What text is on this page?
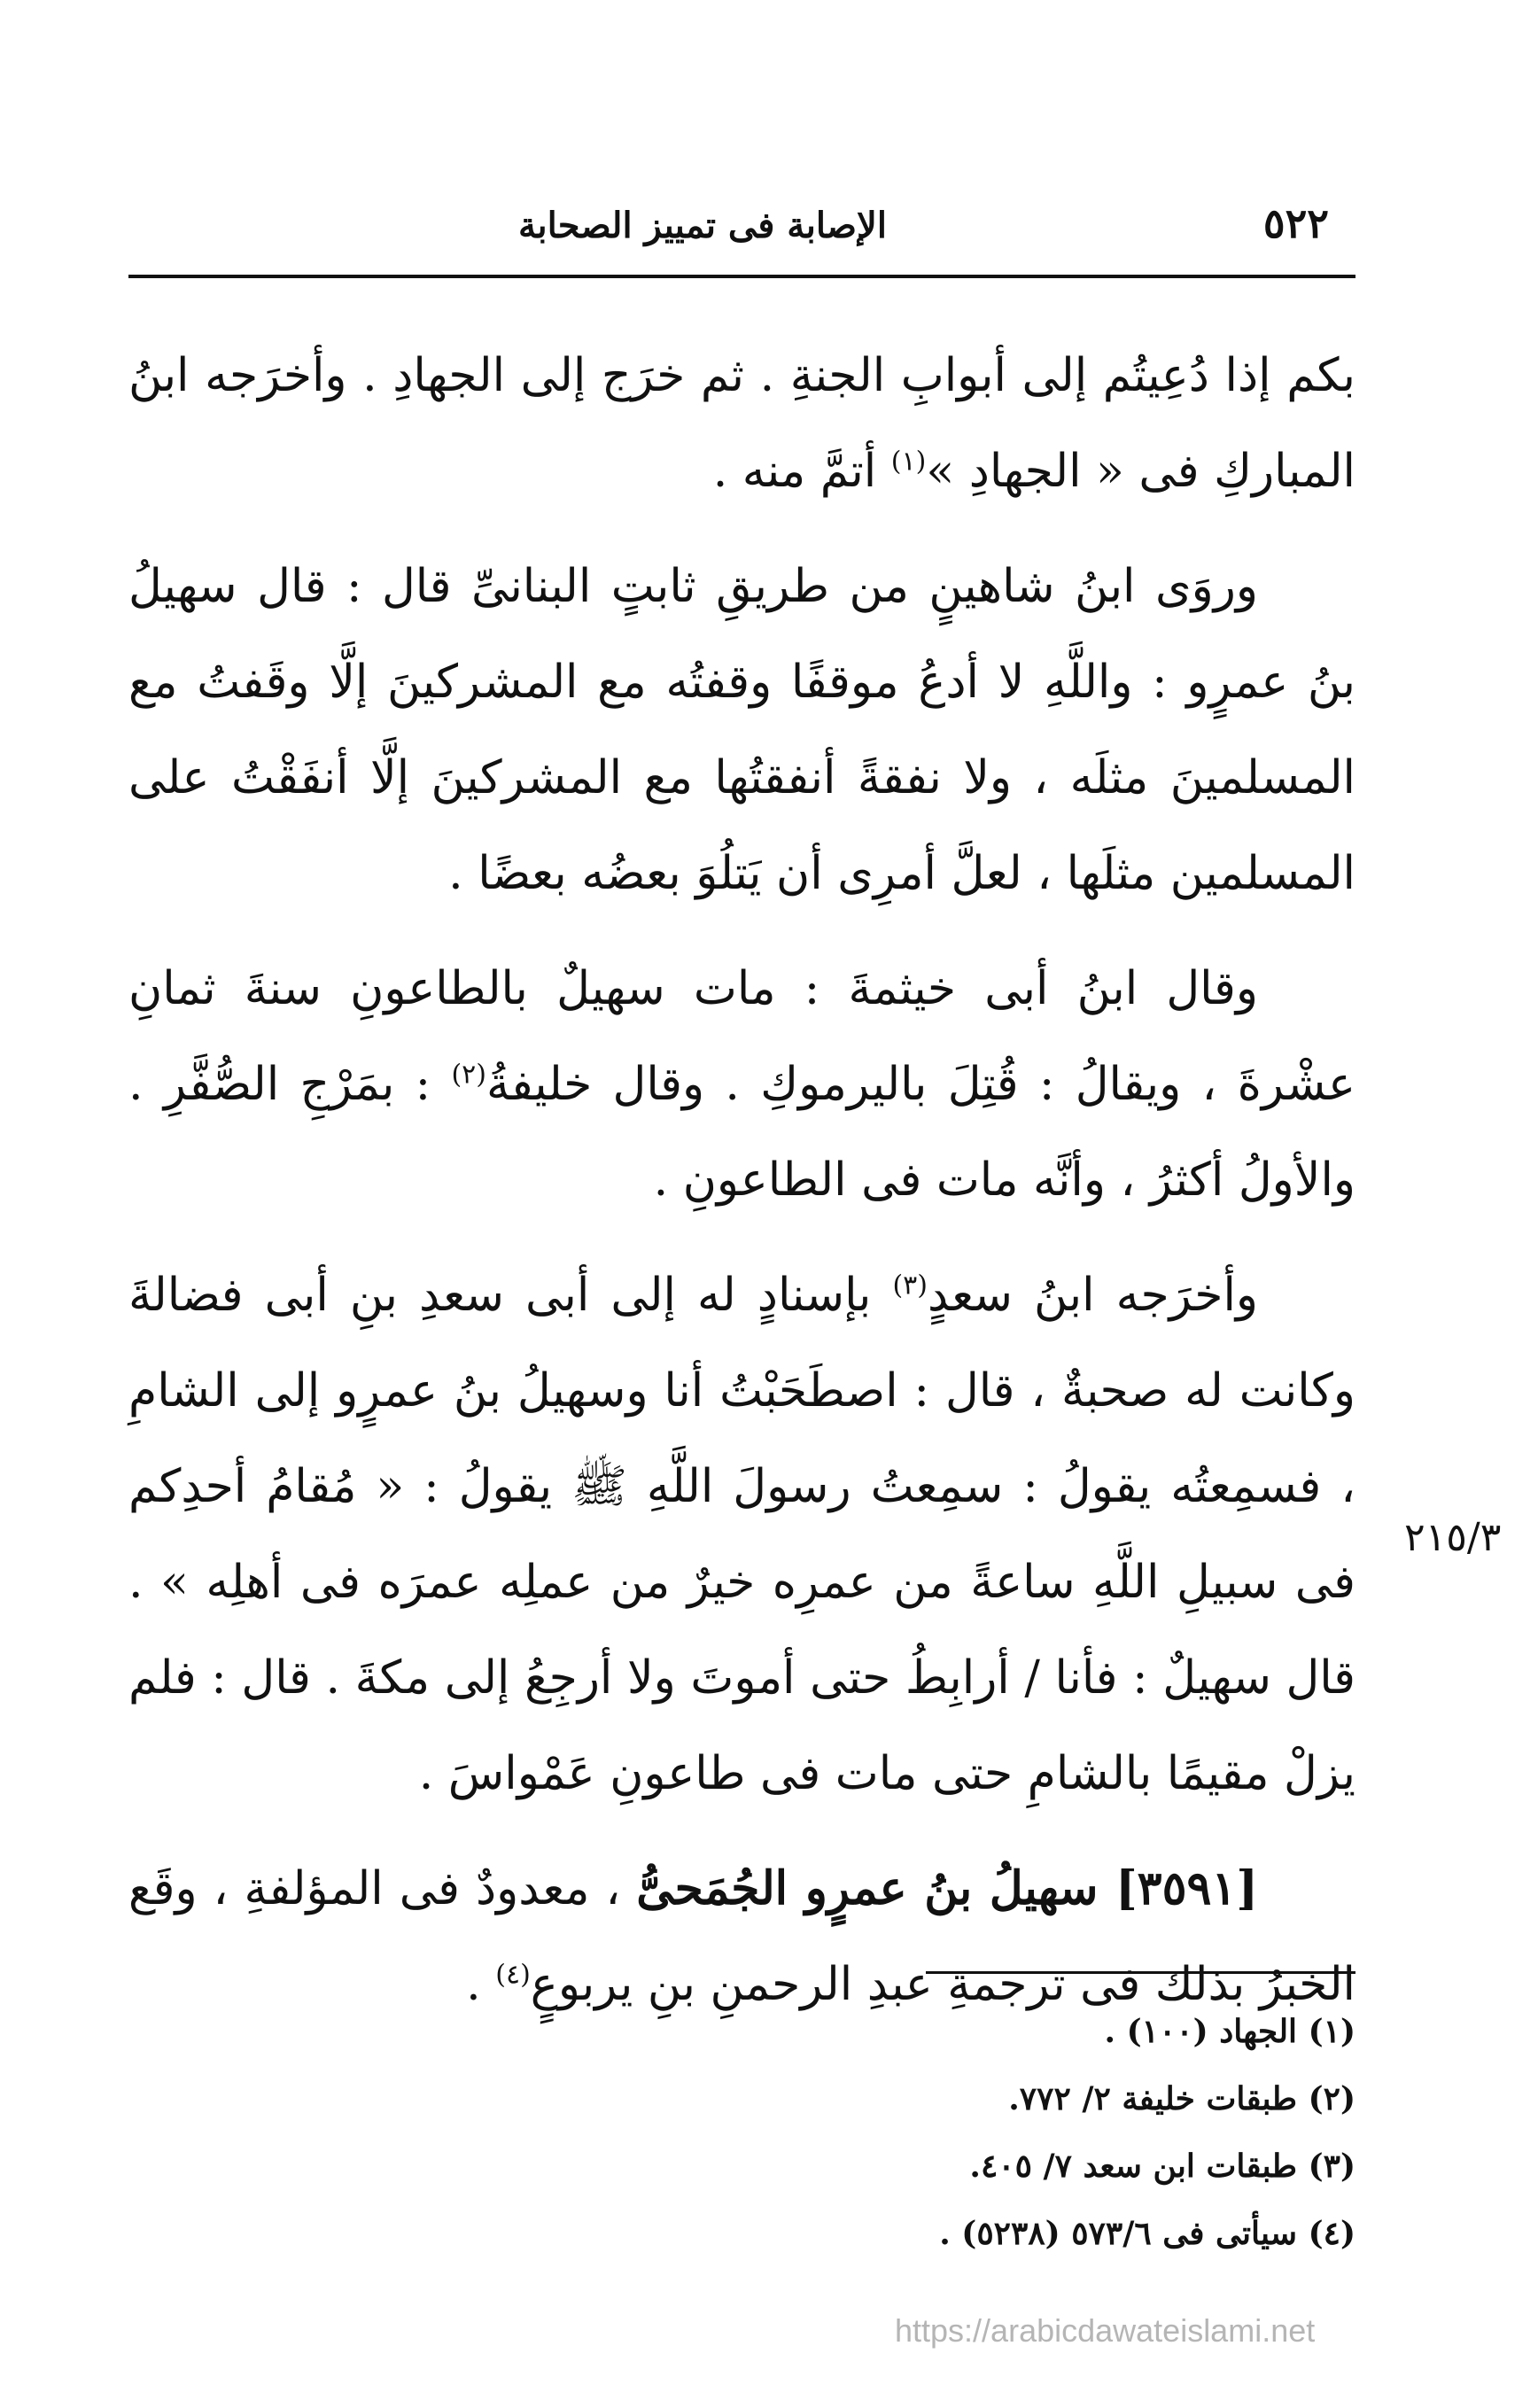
٥٢٢
الإصابة فى تمييز الصحابة

بكم إذا دُعِيتُم إلى أبوابِ الجنةِ . ثم خرَج إلى الجهادِ . وأخرَجه ابنُ المباركِ فى « الجهادِ »$^{(١)}$ أتمَّ منه .

وروَى ابنُ شاهينٍ من طريقِ ثابتٍ البنانىِّ قال : قال سهيلُ بنُ عمرٍو : واللَّهِ لا أدعُ موقفًا وقفتُه مع المشركينَ إلَّا وقَفتُ مع المسلمينَ مثلَه ، ولا نفقةً أنفقتُها مع المشركينَ إلَّا أنفَقْتُ على المسلمين مثلَها ، لعلَّ أمرِى أن يَتلُوَ بعضُه بعضًا .

وقال ابنُ أبى خيثمةَ : مات سهيلٌ بالطاعونِ سنةَ ثمانِ عشْرةَ ، ويقالُ : قُتِلَ باليرموكِ . وقال خليفةُ$^{(٢)}$ : بمَرْجِ الصُّفَّرِ . والأولُ أكثرُ ، وأنَّه مات فى الطاعونِ .

وأخرَجه ابنُ سعدٍ$^{(٣)}$ بإسنادٍ له إلى أبى سعدِ بنِ أبى فضالةَ وكانت له صحبةٌ ، قال : اصطَحَبْتُ أنا وسهيلُ بنُ عمرٍو إلى الشامِ ، فسمِعتُه يقولُ : سمِعتُ رسولَ اللَّهِ ﷺ يقولُ : « مُقامُ أحدِكم فى سبيلِ اللَّهِ ساعةً من عمرِه خيرٌ من عملِه عمرَه فى أهلِه » . قال سهيلٌ : فأنا / أرابِطُ حتى أموتَ ولا أرجِعُ إلى مكةَ . قال : فلم يزلْ مقيمًا بالشامِ حتى مات فى طاعونِ عَمْواسَ .

[٣٥٩١] سهيلُ بنُ عمرٍو الجُمَحىُّ ، معدودٌ فى المؤلفةِ ، وقَع الخبرُ بذلك فى ترجمةِ عبدِ الرحمنِ بنِ يربوعٍ$^{(٤)}$ .

٢١٥/٣

(١) الجهاد (١٠٠) .

(٢) طبقات خليفة ٢/ ٧٧٢.

(٣) طبقات ابن سعد ٧/ ٤٠٥.

(٤) سيأتى فى ٥٧٣/٦ (٥٢٣٨) .

https://arabicdawateislami.net
